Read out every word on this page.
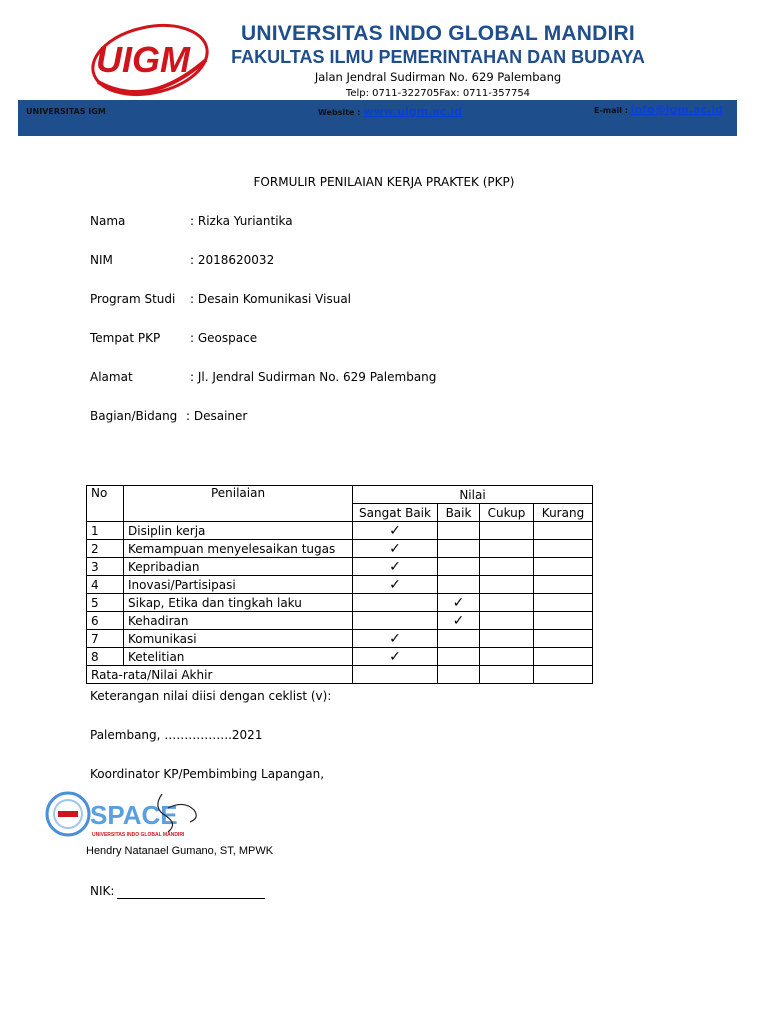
UIGM
UNIVERSITAS INDO GLOBAL MANDIRI
FAKULTAS ILMU PEMERINTAHAN DAN BUDAYA
Jalan Jendral Sudirman No. 629 Palembang
Telp: 0711-322705Fax: 0711-357754
UNIVERSITAS IGM	Website : www.uigm.ac.id	E-mail : info@igm.ac.id
FORMULIR PENILAIAN KERJA PRAKTEK (PKP)
Nama	: Rizka Yuriantika
NIM	: 2018620032
Program Studi : Desain Komunikasi Visual
Tempat PKP : Geospace
Alamat	: Jl. Jendral Sudirman No. 629 Palembang
Bagian/Bidang : Desainer
No	Penilaian	Nilai			
		Sangat Baik	Baik	Cukup	Kurang
1	Disiplin kerja	✓			
2	Kemampuan menyelesaikan tugas	✓			
3	Kepribadian	✓			
4	Inovasi/Partisipasi	✓			
5	Sikap, Etika dan tingkah laku		✓		
6	Kehadiran		✓		
7	Komunikasi	✓			
8	Ketelitian	✓			
Rata-rata/Nilai Akhir					
Keterangan nilai diisi dengan ceklist (v):
Palembang, ……………..2021
Koordinator KP/Pembimbing Lapangan,
SPACE
UNIVERSITAS INDO GLOBAL MANDIRI
Hendry Natanael Gumano, ST, MPWK
NIK:
